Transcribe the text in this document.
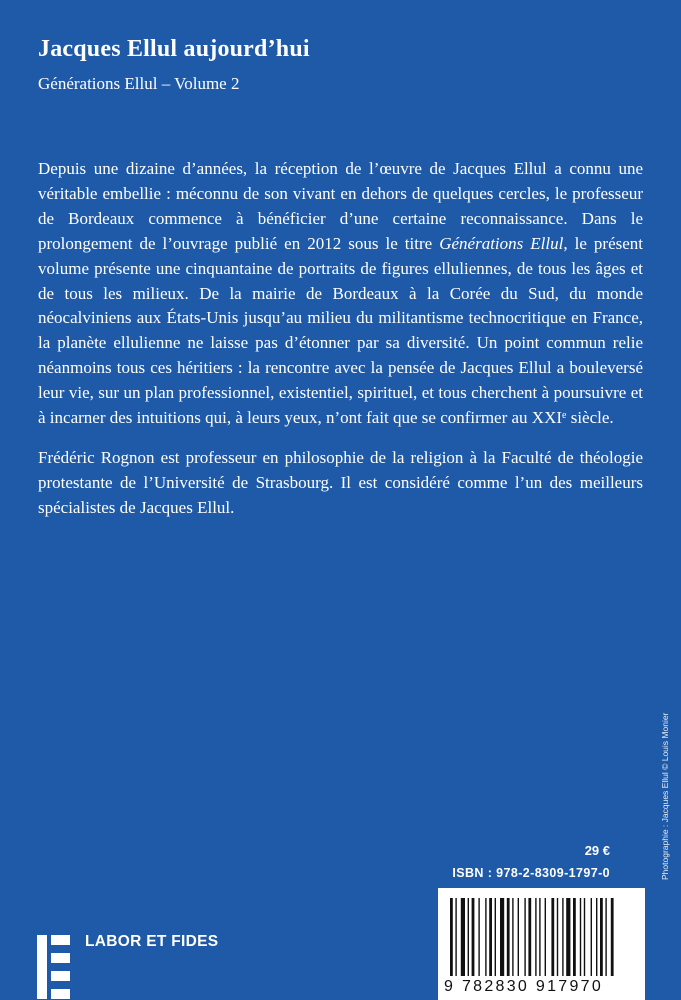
Jacques Ellul aujourd’hui
Générations Ellul – Volume 2

Depuis une dizaine d’années, la réception de l’œuvre de Jacques Ellul a connu une véritable embellie : méconnu de son vivant en dehors de quelques cercles, le professeur de Bordeaux commence à bénéficier d’une certaine reconnaissance. Dans le prolongement de l’ouvrage publié en 2012 sous le titre Générations Ellul, le présent volume présente une cinquantaine de portraits de figures elluliennes, de tous les âges et de tous les milieux. De la mairie de Bordeaux à la Corée du Sud, du monde néocalviniens aux États-Unis jusqu’au milieu du militantisme technocritique en France, la planète ellulienne ne laisse pas d’étonner par sa diversité. Un point commun relie néanmoins tous ces héritiers : la rencontre avec la pensée de Jacques Ellul a bouleversé leur vie, sur un plan professionnel, existentiel, spirituel, et tous cherchent à poursuivre et à incarner des intuitions qui, à leurs yeux, n’ont fait que se confirmer au XXIe siècle.

Frédéric Rognon est professeur en philosophie de la religion à la Faculté de théologie protestante de l’Université de Strasbourg. Il est considéré comme l’un des meilleurs spécialistes de Jacques Ellul.

Photographie : Jacques Ellul © Louis Monier
29 €
ISBN : 978-2-8309-1797-0
9 782830 917970
LABOR ET FIDES
